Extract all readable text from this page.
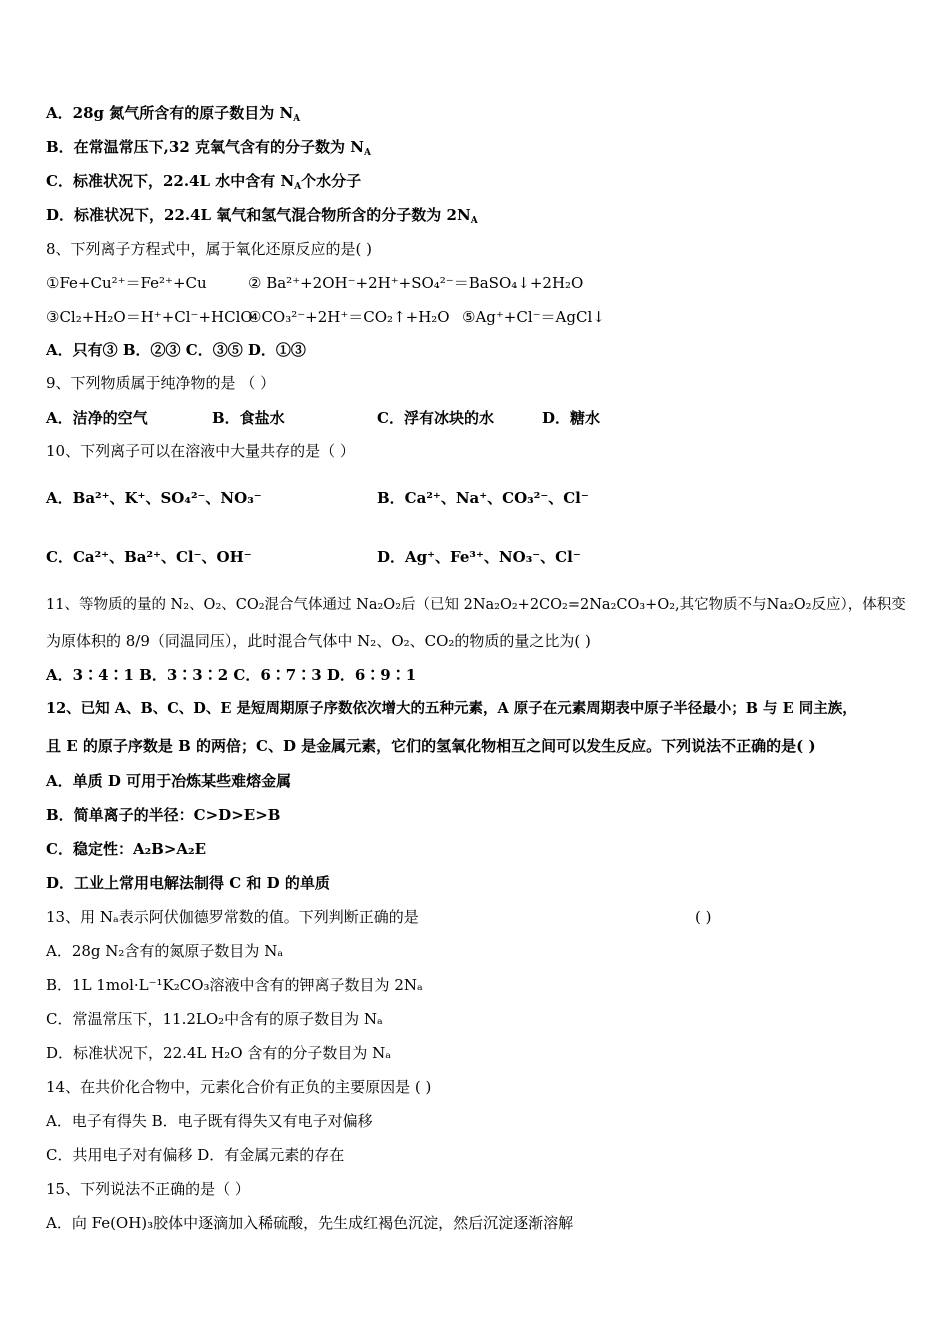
A．28g 氮气所含有的原子数目为 $N_A$
B．在常温常压下,32 克氧气含有的分子数为 $N_A$
C．标准状况下，22.4L 水中含有 $N_A$个水分子
D．标准状况下，22.4L 氧气和氢气混合物所含的分子数为 $2N_A$
8、下列离子方程式中，属于氧化还原反应的是( )
①Fe+Cu²⁺＝Fe²⁺+Cu	② Ba²⁺+2OH⁻+2H⁺+SO₄²⁻＝BaSO₄↓+2H₂O
③Cl₂+H₂O＝H⁺+Cl⁻+HClO
④CO₃²⁻+2H⁺＝CO₂↑+H₂O ⑤Ag⁺+Cl⁻＝AgCl↓
A．只有③ B．②③ C．③⑤ D．①③
9、下列物质属于纯净物的是 （ ）
A．洁净的空气	B．食盐水	C．浮有冰块的水	D．糖水
10、下列离子可以在溶液中大量共存的是（ ）
A．Ba²⁺、K⁺、SO₄²⁻、NO₃⁻	B．Ca²⁺、Na⁺、CO₃²⁻、Cl⁻
C．Ca²⁺、Ba²⁺、Cl⁻、OH⁻	D．Ag⁺、Fe³⁺、NO₃⁻、Cl⁻
11、等物质的量的 N₂、O₂、CO₂混合气体通过 Na₂O₂后（已知 2Na₂O₂+2CO₂=2Na₂CO₃+O₂,其它物质不与Na₂O₂反应），体积变
为原体积的 8/9（同温同压），此时混合气体中 N₂、O₂、CO₂的物质的量之比为( )
A．3∶4∶1 B．3∶3∶2 C．6∶7∶3 D．6∶9∶1
12、已知 A、B、C、D、E 是短周期原子序数依次增大的五种元素，A 原子在元素周期表中原子半径最小；B 与 E 同主族，
且 E 的原子序数是 B 的两倍；C、D 是金属元素，它们的氢氧化物相互之间可以发生反应。下列说法不正确的是( )
A．单质 D 可用于冶炼某些难熔金属
B．简单离子的半径：C>D>E>B
C．稳定性：A₂B>A₂E
D．工业上常用电解法制得 C 和 D 的单质
13、用 Nₐ表示阿伏伽德罗常数的值。下列判断正确的是	( )
A．28g N₂含有的氮原子数目为 Nₐ
B．1L 1mol·L⁻¹K₂CO₃溶液中含有的钾离子数目为 2Nₐ
C．常温常压下，11.2LO₂中含有的原子数目为 Nₐ
D．标准状况下，22.4L H₂O 含有的分子数目为 Nₐ
14、在共价化合物中，元素化合价有正负的主要原因是 ( )
A．电子有得失 B．电子既有得失又有电子对偏移
C．共用电子对有偏移 D．有金属元素的存在
15、下列说法不正确的是（ ）
A．向 Fe(OH)₃胶体中逐滴加入稀硫酸，先生成红褐色沉淀，然后沉淀逐渐溶解
